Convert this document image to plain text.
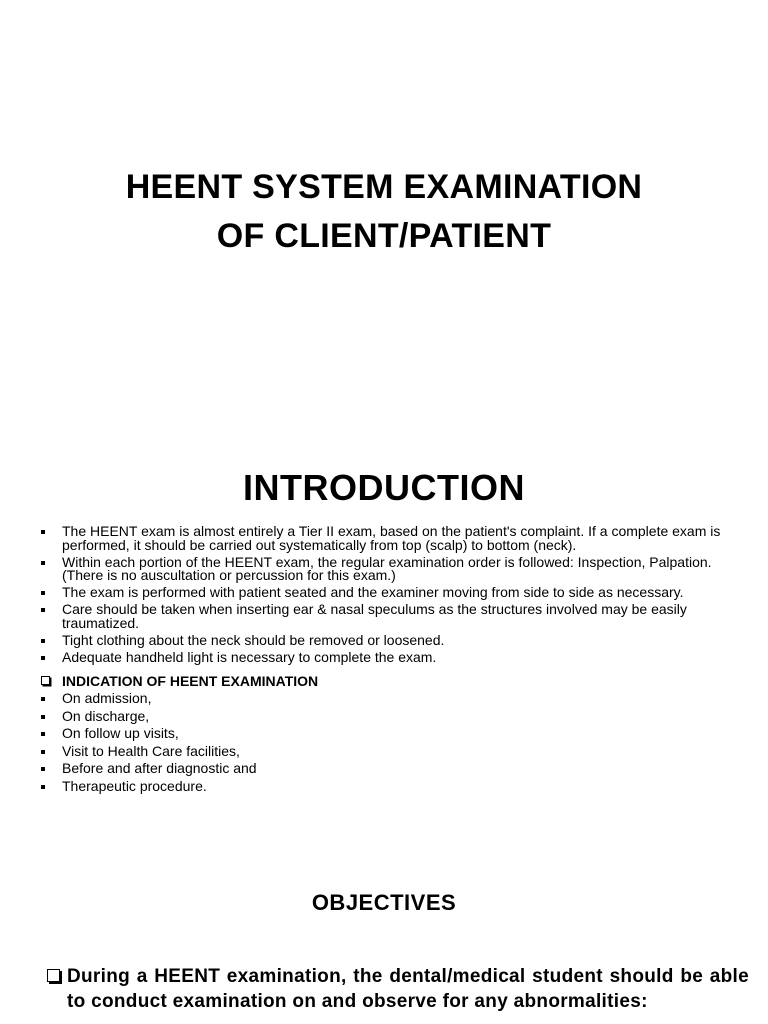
HEENT SYSTEM EXAMINATION
OF CLIENT/PATIENT
INTRODUCTION
The HEENT exam is almost entirely a Tier II exam, based on the patient's complaint. If a complete exam is performed, it should be carried out systematically from top (scalp) to bottom (neck).
Within each portion of the HEENT exam, the regular examination order is followed: Inspection, Palpation. (There is no auscultation or percussion for this exam.)
The exam is performed with patient seated and the examiner moving from side to side as necessary.
Care should be taken when inserting ear & nasal speculums as the structures involved may be easily traumatized.
Tight clothing about the neck should be removed or loosened.
Adequate handheld light is necessary to complete the exam.
INDICATION OF HEENT EXAMINATION
On admission,
On discharge,
On follow up visits,
Visit to Health Care facilities,
Before and after diagnostic and
Therapeutic procedure.
OBJECTIVES
During a HEENT examination, the dental/medical student should be able to conduct examination on and observe for any abnormalities:
